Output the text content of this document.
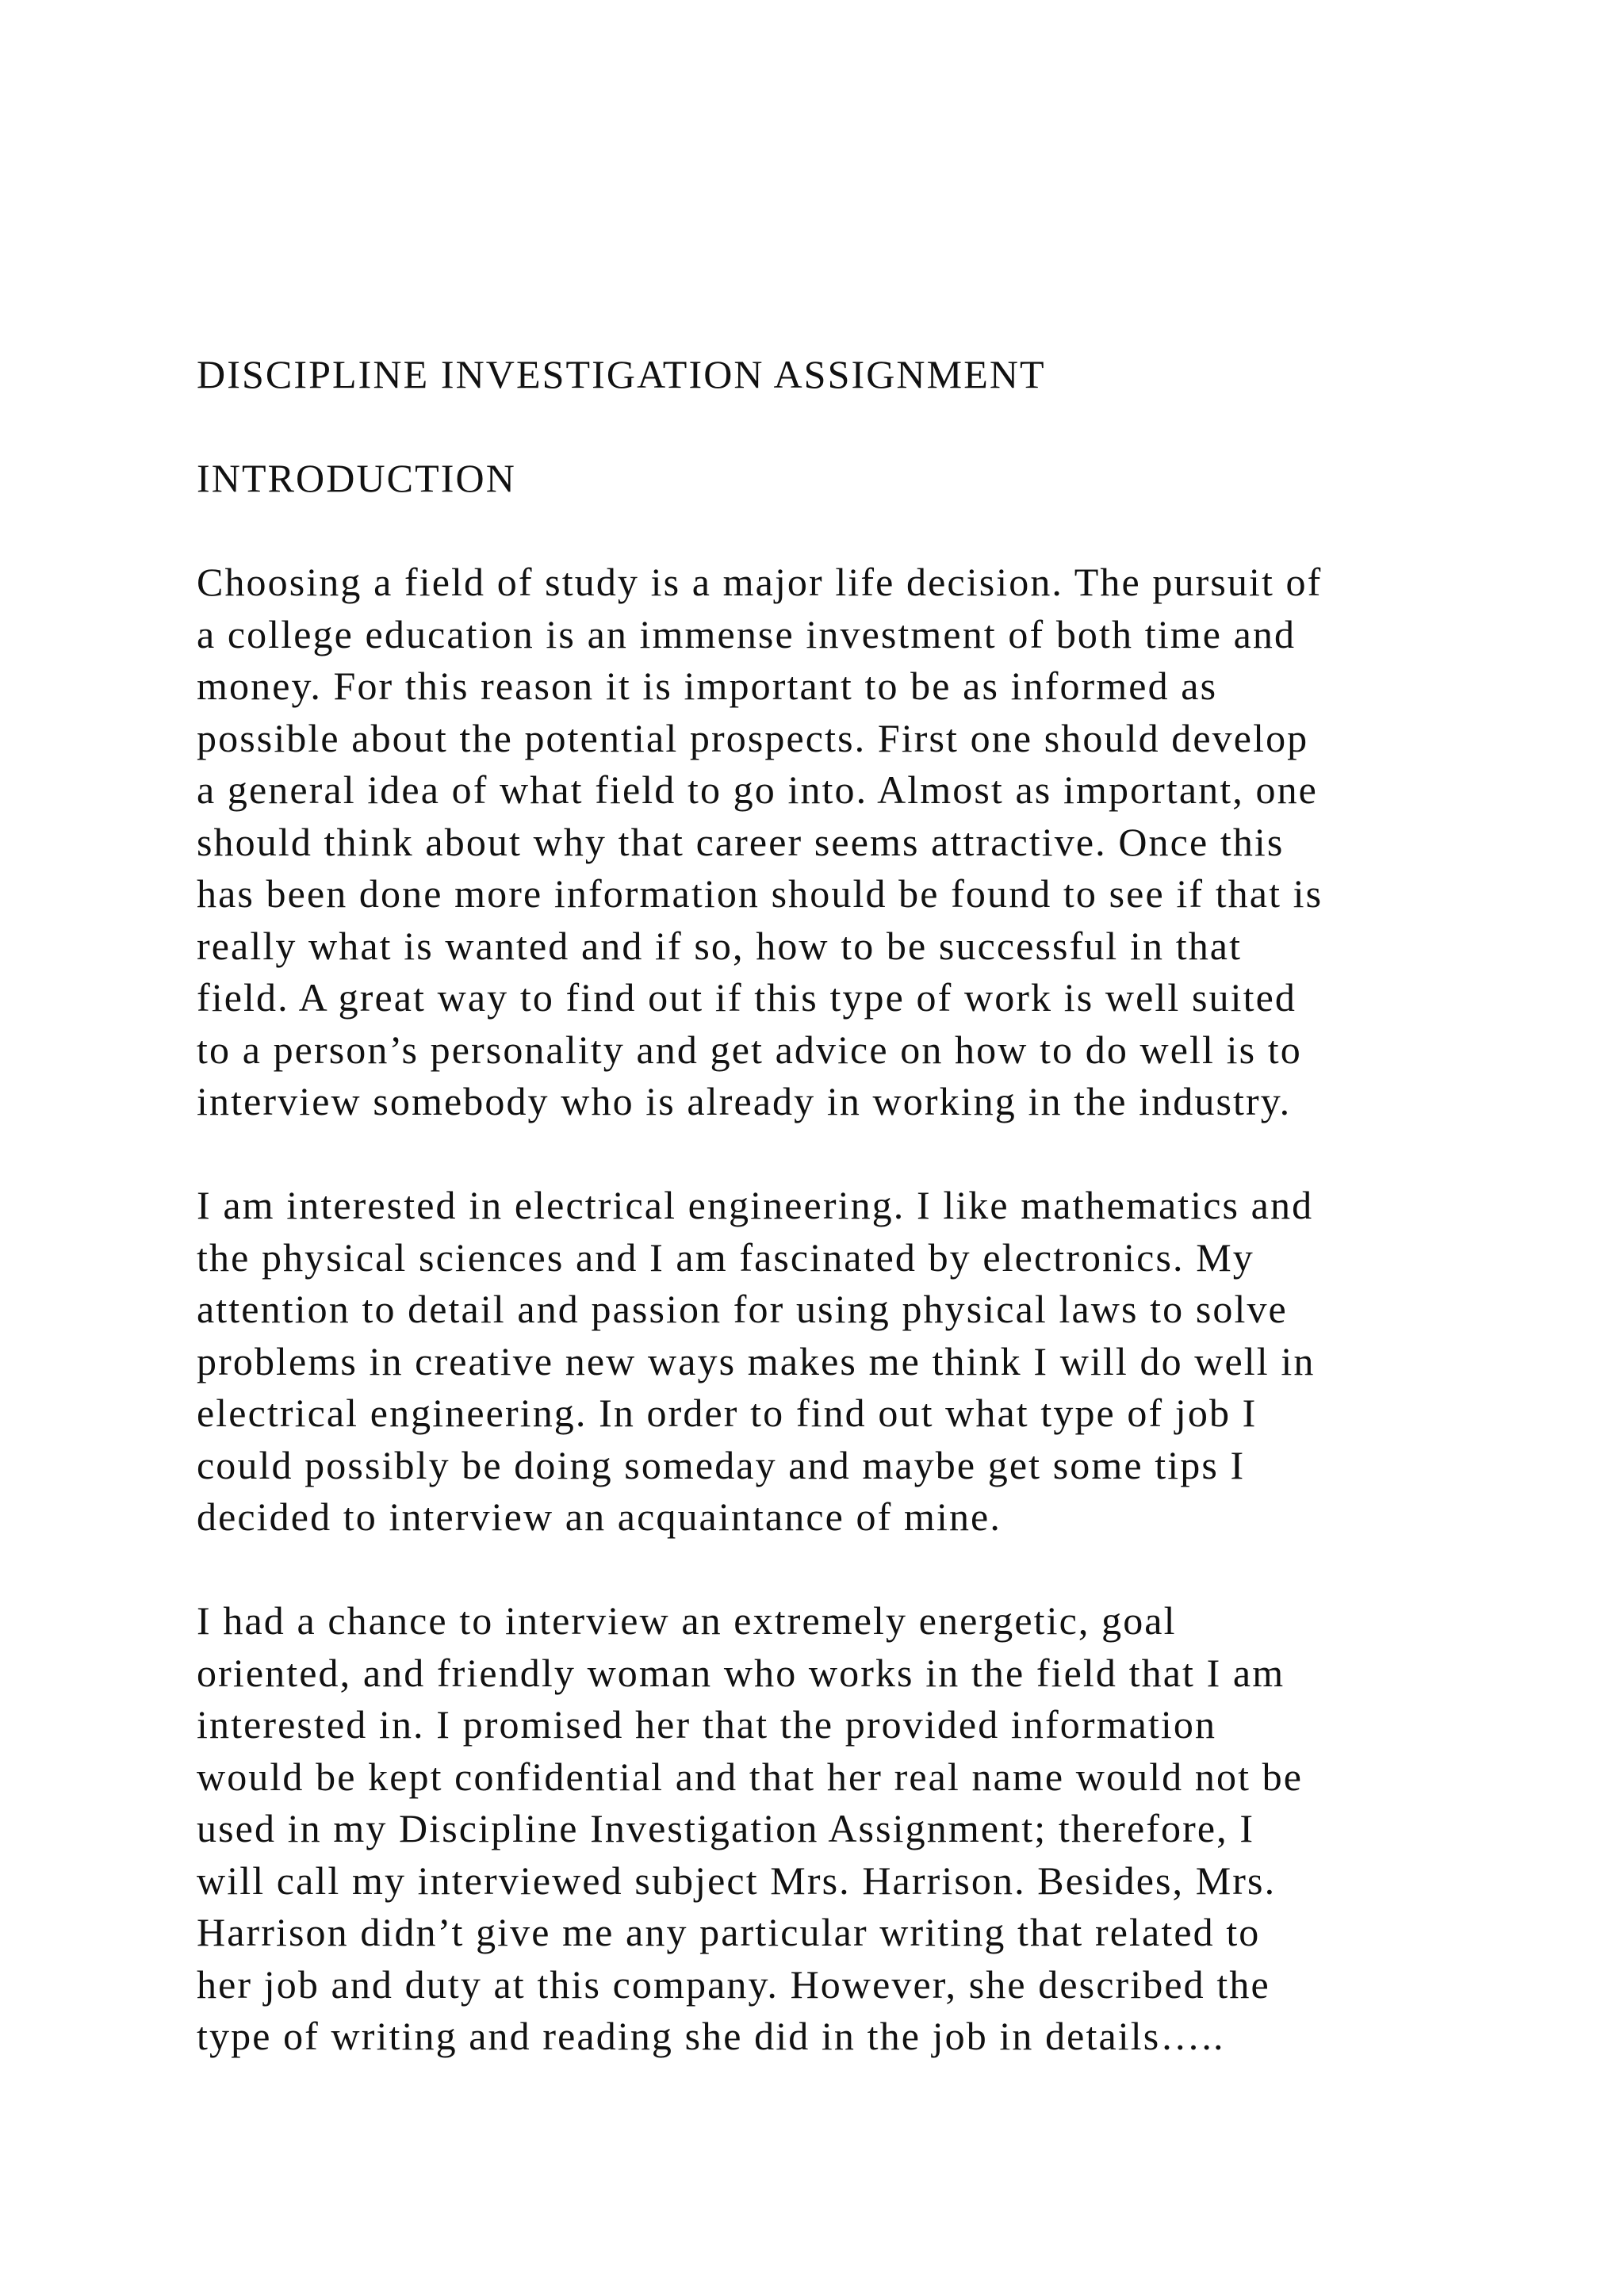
DISCIPLINE INVESTIGATION ASSIGNMENT
INTRODUCTION
Choosing a field of study is a major life decision. The pursuit of
a college education is an immense investment of both time and
money. For this reason it is important to be as informed as
possible about the potential prospects. First one should develop
a general idea of what field to go into. Almost as important, one
should think about why that career seems attractive. Once this
has been done more information should be found to see if that is
really what is wanted and if so, how to be successful in that
field. A great way to find out if this type of work is well suited
to a person’s personality and get advice on how to do well is to
interview somebody who is already in working in the industry.
I am interested in electrical engineering. I like mathematics and
the physical sciences and I am fascinated by electronics. My
attention to detail and passion for using physical laws to solve
problems in creative new ways makes me think I will do well in
electrical engineering. In order to find out what type of job I
could possibly be doing someday and maybe get some tips I
decided to interview an acquaintance of mine.
I had a chance to interview an extremely energetic, goal
oriented, and friendly woman who works in the field that I am
interested in. I promised her that the provided information
would be kept confidential and that her real name would not be
used in my Discipline Investigation Assignment; therefore, I
will call my interviewed subject Mrs. Harrison. Besides, Mrs.
Harrison didn’t give me any particular writing that related to
her job and duty at this company. However, she described the
type of writing and reading she did in the job in details…..
